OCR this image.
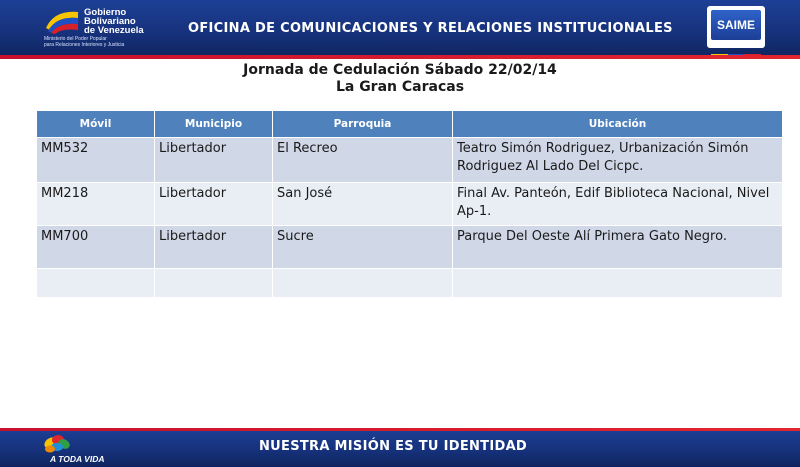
Gobierno
Bolivariano
de Venezuela
Ministerio del Poder Popular
para Relaciones Interiores y Justicia
OFICINA DE COMUNICACIONES Y RELACIONES INSTITUCIONALES	SAIME
Jornada de Cedulación Sábado 22/02/14
La Gran Caracas
Móvil	Municipio	Parroquia	Ubicación
MM532	Libertador	El Recreo	Teatro Simón Rodriguez, Urbanización Simón Rodriguez Al Lado Del Cicpc.
MM218	Libertador	San José	Final Av. Panteón, Edif Biblioteca Nacional, Nivel Ap-1.
MM700	Libertador	Sucre	Parque Del Oeste Alí Primera Gato Negro.

A TODA VIDA
NUESTRA MISIÓN ES TU IDENTIDAD
